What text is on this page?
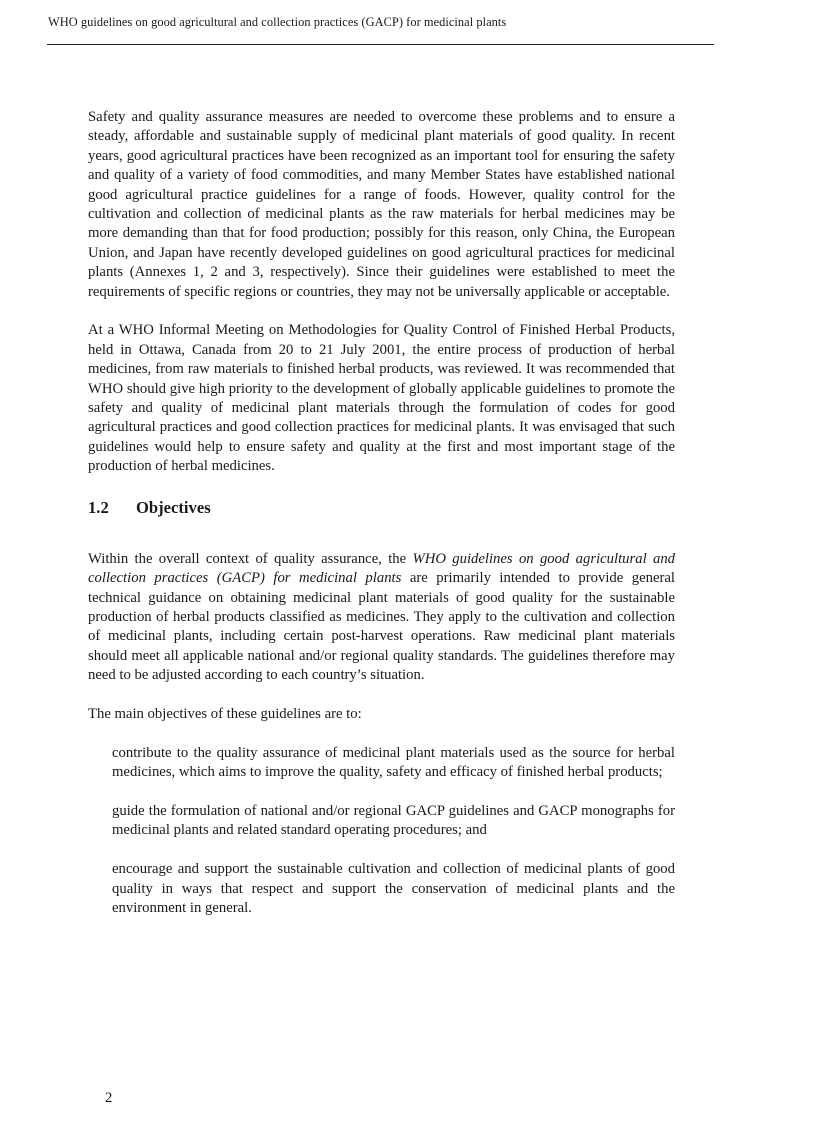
WHO guidelines on good agricultural and collection practices (GACP) for medicinal plants

Safety and quality assurance measures are needed to overcome these problems and to ensure a steady, affordable and sustainable supply of medicinal plant materials of good quality. In recent years, good agricultural practices have been recognized as an important tool for ensuring the safety and quality of a variety of food commodities, and many Member States have established national good agricultural practice guidelines for a range of foods. However, quality control for the cultivation and collection of medicinal plants as the raw materials for herbal medicines may be more demanding than that for food production; possibly for this reason, only China, the European Union, and Japan have recently developed guidelines on good agricultural practices for medicinal plants (Annexes 1, 2 and 3, respectively). Since their guidelines were established to meet the requirements of specific regions or countries, they may not be universally applicable or acceptable.

At a WHO Informal Meeting on Methodologies for Quality Control of Finished Herbal Products, held in Ottawa, Canada from 20 to 21 July 2001, the entire process of production of herbal medicines, from raw materials to finished herbal products, was reviewed. It was recommended that WHO should give high priority to the development of globally applicable guidelines to promote the safety and quality of medicinal plant materials through the formulation of codes for good agricultural practices and good collection practices for medicinal plants. It was envisaged that such guidelines would help to ensure safety and quality at the first and most important stage of the production of herbal medicines.

1.2	Objectives

Within the overall context of quality assurance, the WHO guidelines on good agricultural and collection practices (GACP) for medicinal plants are primarily intended to provide general technical guidance on obtaining medicinal plant materials of good quality for the sustainable production of herbal products classified as medicines. They apply to the cultivation and collection of medicinal plants, including certain post-harvest operations. Raw medicinal plant materials should meet all applicable national and/or regional quality standards. The guidelines therefore may need to be adjusted according to each country’s situation.

The main objectives of these guidelines are to:

contribute to the quality assurance of medicinal plant materials used as the source for herbal medicines, which aims to improve the quality, safety and efficacy of finished herbal products;
guide the formulation of national and/or regional GACP guidelines and GACP monographs for medicinal plants and related standard operating procedures; and
encourage and support the sustainable cultivation and collection of medicinal plants of good quality in ways that respect and support the conservation of medicinal plants and the environment in general.
2
